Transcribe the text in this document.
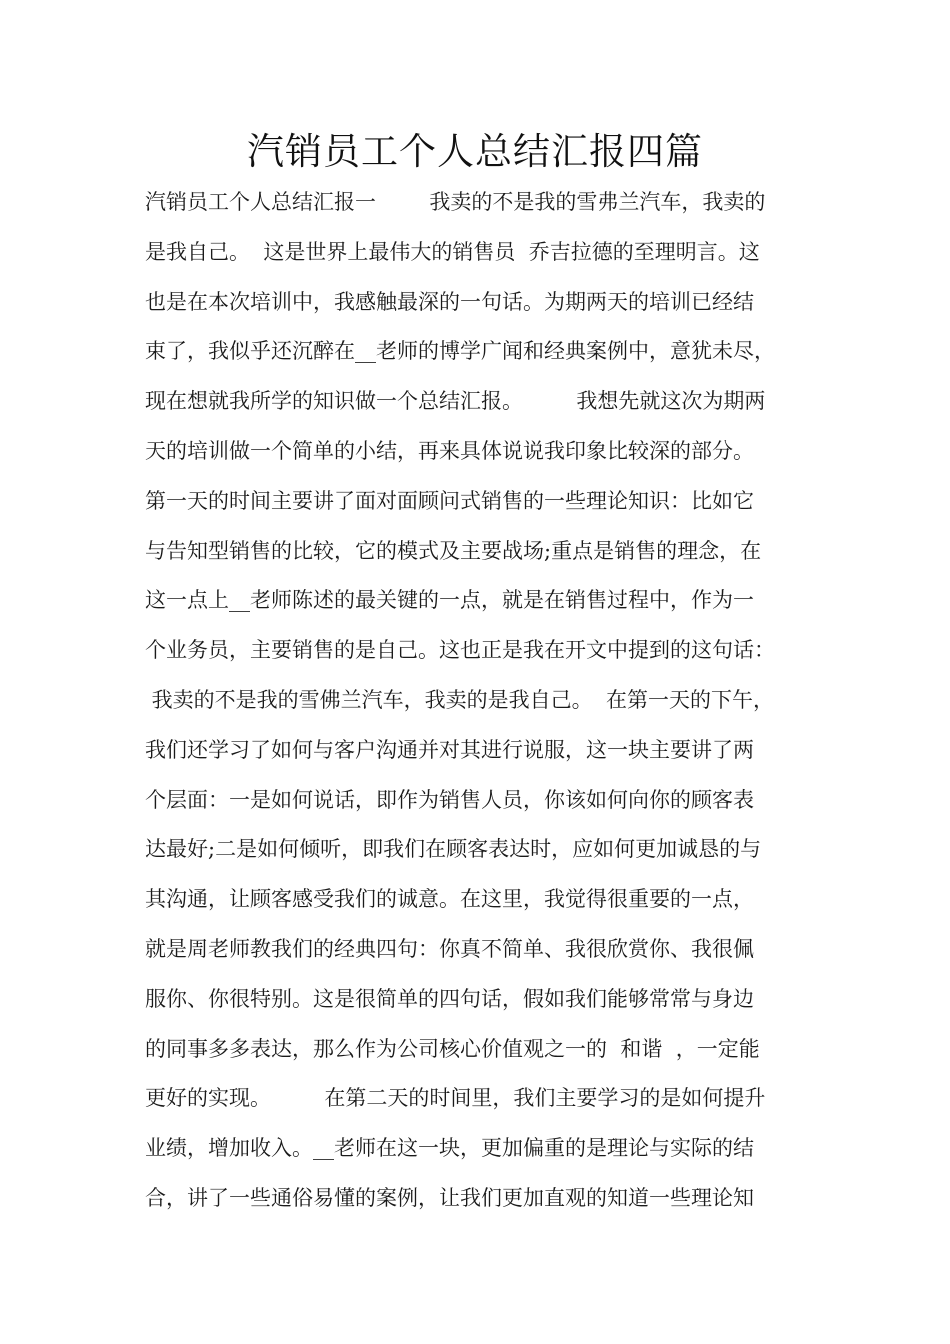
汽销员工个人总结汇报四篇
汽销员工个人总结汇报一        我卖的不是我的雪弗兰汽车，我卖的
是我自己。  这是世界上最伟大的销售员  乔吉拉德的至理明言。这
也是在本次培训中，我感触最深的一句话。为期两天的培训已经结
束了，我似乎还沉醉在__老师的博学广闻和经典案例中，意犹未尽，
现在想就我所学的知识做一个总结汇报。        我想先就这次为期两
天的培训做一个简单的小结，再来具体说说我印象比较深的部分。
第一天的时间主要讲了面对面顾问式销售的一些理论知识：比如它
与告知型销售的比较，它的模式及主要战场;重点是销售的理念，在
这一点上__老师陈述的最关键的一点，就是在销售过程中，作为一
个业务员，主要销售的是自己。这也正是我在开文中提到的这句话：
我卖的不是我的雪佛兰汽车，我卖的是我自己。  在第一天的下午，
我们还学习了如何与客户沟通并对其进行说服，这一块主要讲了两
个层面：一是如何说话，即作为销售人员，你该如何向你的顾客表
达最好;二是如何倾听，即我们在顾客表达时，应如何更加诚恳的与
其沟通，让顾客感受我们的诚意。在这里，我觉得很重要的一点，
就是周老师教我们的经典四句：你真不简单、我很欣赏你、我很佩
服你、你很特别。这是很简单的四句话，假如我们能够常常与身边
的同事多多表达，那么作为公司核心价值观之一的  和谐  ，一定能
更好的实现。        在第二天的时间里，我们主要学习的是如何提升
业绩，增加收入。__老师在这一块，更加偏重的是理论与实际的结
合，讲了一些通俗易懂的案例，让我们更加直观的知道一些理论知
